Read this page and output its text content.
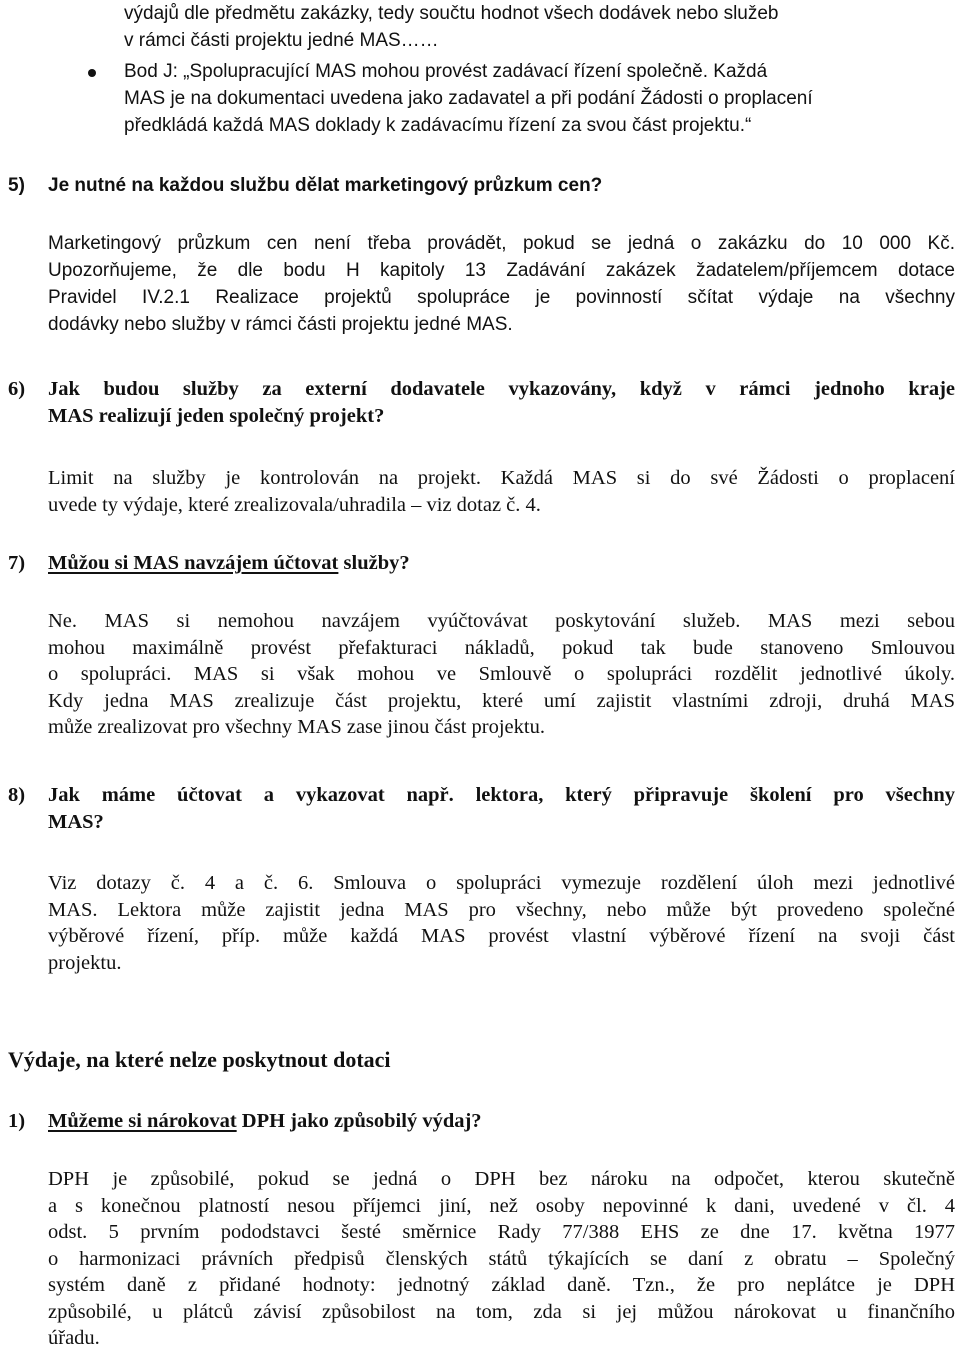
výdajů dle předmětu zakázky, tedy součtu hodnot všech dodávek nebo služeb
v rámci části projektu jedné MAS……
Bod J: „Spolupracující MAS mohou provést zadávací řízení společně. Každá
MAS je na dokumentaci uvedena jako zadavatel a při podání Žádosti o proplacení
předkládá každá MAS doklady k zadávacímu řízení za svou část projektu.“
5) Je nutné na každou službu dělat marketingový průzkum cen?
Marketingový průzkum cen není třeba provádět, pokud se jedná o zakázku do 10 000 Kč.
Upozorňujeme, že dle bodu H kapitoly 13 Zadávání zakázek žadatelem/příjemcem dotace
Pravidel IV.2.1 Realizace projektů spolupráce je povinností sčítat výdaje na všechny
dodávky nebo služby v rámci části projektu jedné MAS.
6) Jak budou služby za externí dodavatele vykazovány, když v rámci jednoho kraje
MAS realizují jeden společný projekt?
Limit na služby je kontrolován na projekt. Každá MAS si do své Žádosti o proplacení
uvede ty výdaje, které zrealizovala/uhradila – viz dotaz č. 4.
7) Můžou si MAS navzájem účtovat služby?
Ne. MAS si nemohou navzájem vyúčtovávat poskytování služeb. MAS mezi sebou
mohou maximálně provést přefakturaci nákladů, pokud tak bude stanoveno Smlouvou
o spolupráci. MAS si však mohou ve Smlouvě o spolupráci rozdělit jednotlivé úkoly.
Kdy jedna MAS zrealizuje část projektu, které umí zajistit vlastními zdroji, druhá MAS
může zrealizovat pro všechny MAS zase jinou část projektu.
8) Jak máme účtovat a vykazovat např. lektora, který připravuje školení pro všechny
MAS?
Viz dotazy č. 4 a č. 6. Smlouva o spolupráci vymezuje rozdělení úloh mezi jednotlivé
MAS. Lektora může zajistit jedna MAS pro všechny, nebo může být provedeno společné
výběrové řízení, příp. může každá MAS provést vlastní výběrové řízení na svoji část
projektu.
Výdaje, na které nelze poskytnout dotaci
1) Můžeme si nárokovat DPH jako způsobilý výdaj?
DPH je způsobilé, pokud se jedná o DPH bez nároku na odpočet, kterou skutečně
a s konečnou platností nesou příjemci jiní, než osoby nepovinné k dani, uvedené v čl. 4
odst. 5 prvním pododstavci šesté směrnice Rady 77/388 EHS ze dne 17. května 1977
o harmonizaci právních předpisů členských států týkajících se daní z obratu – Společný
systém daně z přidané hodnoty: jednotný základ daně. Tzn., že pro neplátce je DPH
způsobilé, u plátců závisí způsobilost na tom, zda si jej můžou nárokovat u finančního
úřadu.
